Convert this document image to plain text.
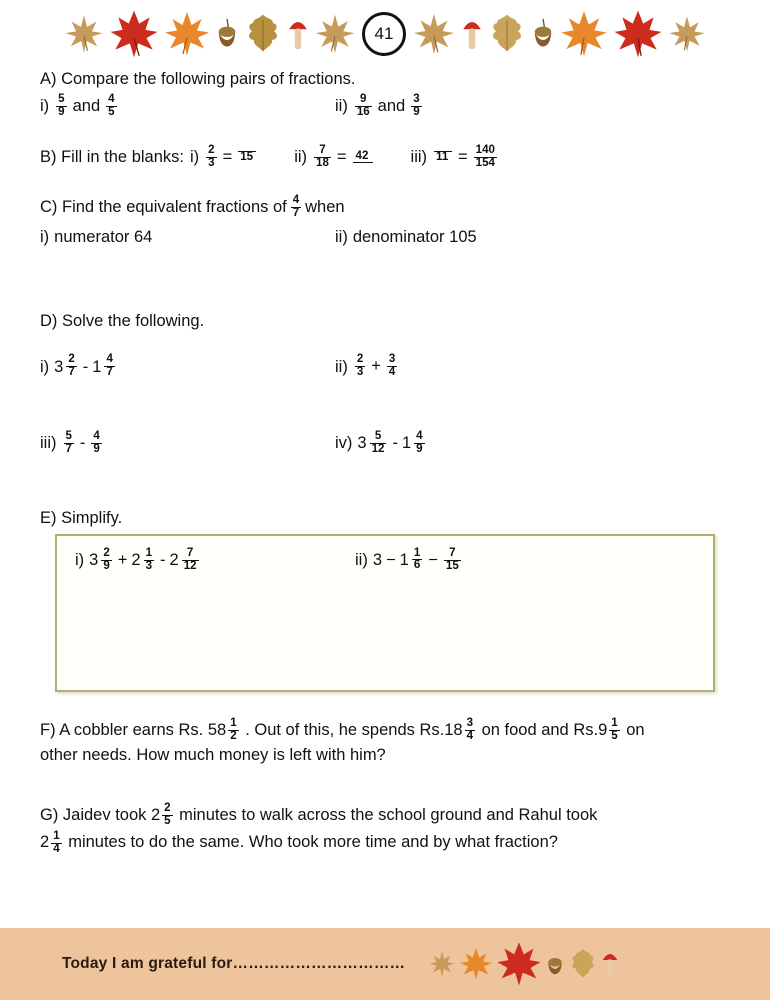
41
A) Compare the following pairs of fractions.
$i) \frac{5}{9}$ and $\frac{4}{5}$	$ii) \frac{9}{16}$ and $\frac{3}{9}$
B) Fill in the blanks: $i) \frac{2}{3} = 15$ $ii) \frac{7}{18} = 42$	iii) $11 = \frac{140}{154}$
C) Find the equivalent fractions of $\frac{4}{7}$ when
i) numerator 64	ii) denominator 105
D) Solve the following.
i) $3 \frac{2}{7} - 1 \frac{4}{7}$	$ii) \frac{2}{3} + \frac{3}{4}$
$iii) \frac{5}{7} - \frac{4}{9}$	iv) $3 \frac{5}{12} - 1 \frac{4}{9}$
E) Simplify.
i) $3 \frac{2}{9} + 2 \frac{1}{3} - 2 \frac{7}{12}$	ii) $3 - 1 \frac{1}{6} - \frac{7}{15}$
F) A cobbler earns Rs. $58 \frac{1}{2}$ . Out of this, he spends $Rs.18 \frac{3}{4}$ on food and $Rs.9 \frac{1}{5}$ on
other needs. How much money is left with him?
G) Jaidev took $2 \frac{2}{5}$ minutes to walk across the school ground and Rahul took
$2 \frac{1}{4}$ minutes to do the same. Who took more time and by what fraction?
Today I am grateful for……………………………
